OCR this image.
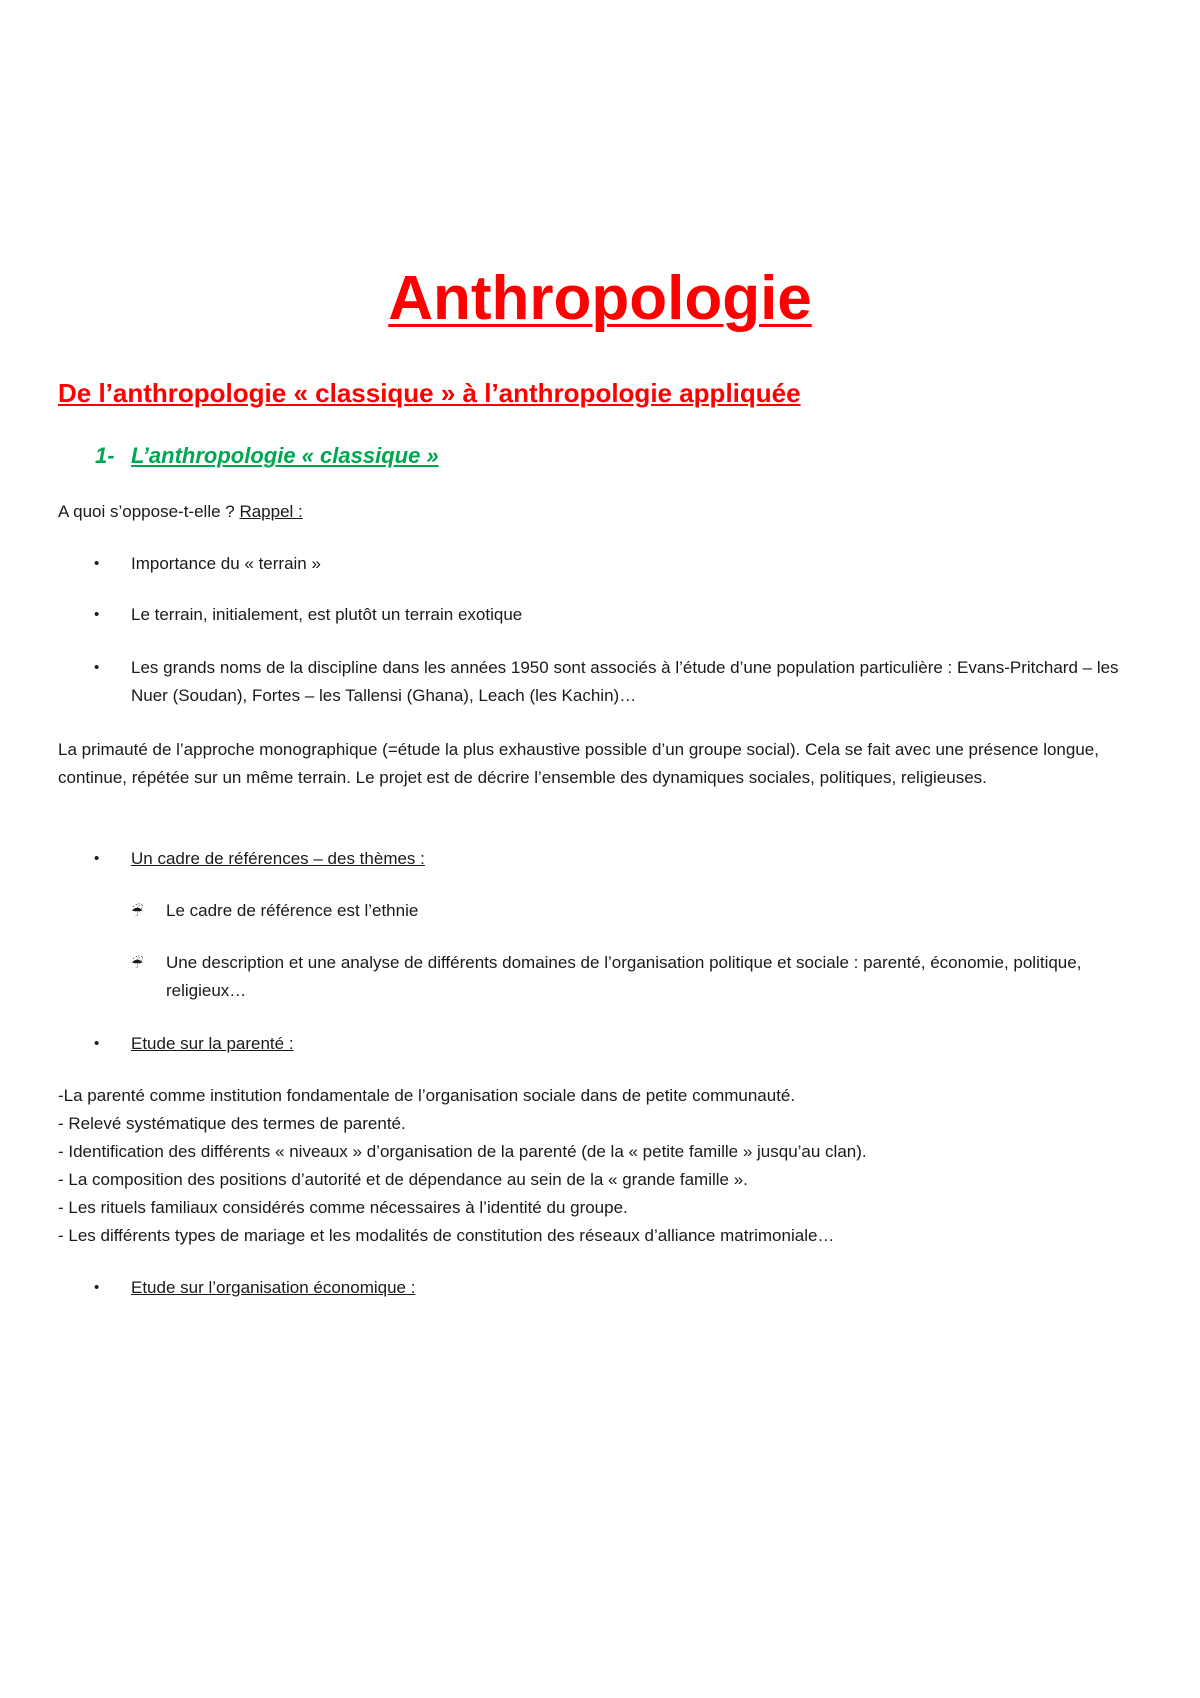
Anthropologie
De l’anthropologie « classique » à l’anthropologie appliquée
1- L’anthropologie « classique »
A quoi s’oppose-t-elle ? Rappel :
• Importance du « terrain »
• Le terrain, initialement, est plutôt un terrain exotique
• Les grands noms de la discipline dans les années 1950 sont associés à l’étude d’une population particulière : Evans-Pritchard – les Nuer (Soudan), Fortes – les Tallensi (Ghana), Leach (les Kachin)…
La primauté de l’approche monographique (=étude la plus exhaustive possible d’un groupe social). Cela se fait avec une présence longue, continue, répétée sur un même terrain. Le projet est de décrire l’ensemble des dynamiques sociales, politiques, religieuses.
• Un cadre de références – des thèmes :
☔ Le cadre de référence est l’ethnie
☔ Une description et une analyse de différents domaines de l’organisation politique et sociale : parenté, économie, politique, religieux…
• Etude sur la parenté :
-La parenté comme institution fondamentale de l’organisation sociale dans de petite communauté.
- Relevé systématique des termes de parenté.
- Identification des différents « niveaux » d’organisation de la parenté (de la « petite famille » jusqu’au clan).
- La composition des positions d’autorité et de dépendance au sein de la « grande famille ».
- Les rituels familiaux considérés comme nécessaires à l’identité du groupe.
- Les différents types de mariage et les modalités de constitution des réseaux d’alliance matrimoniale…
• Etude sur l’organisation économique :
